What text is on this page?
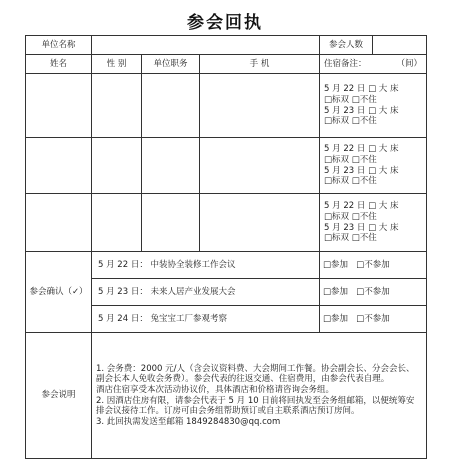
参会回执
单位名称				参会人数

姓名	性 别	单位职务	手 机	住宿备注： （间）

				5 月 22 日 □ 大 床
□标双 □不住
5 月 23 日 □ 大 床
□标双 □不住

				5 月 22 日 □ 大 床
□标双 □不住
5 月 23 日 □ 大 床
□标双 □不住

				5 月 22 日 □ 大 床
□标双 □不住
5 月 23 日 □ 大 床
□标双 □不住

参会确认（✓）	5 月 22 日： 中装协全装修工作会议			□参加 □不参加
	5 月 23 日： 未来人居产业发展大会			□参加 □不参加
	5 月 24 日： 兔宝宝工厂参观考察			□参加 □不参加
参会说明	1. 会务费：2000 元/人（含会议资料费、大会期间工作餐。协会副会长、分会会长、副会长本人免收会务费）。参会代表的往返交通、住宿费用，由参会代表自理。
酒店住宿享受本次活动协议价，具体酒店和价格请咨询会务组。
2. 因酒店住房有限，请参会代表于 5 月 10 日前将回执发至会务组邮箱，以便统筹安排会议接待工作。订房可由会务组帮助预订或自主联系酒店预订房间。
3. 此回执需发送至邮箱 1849284830@qq.com			
